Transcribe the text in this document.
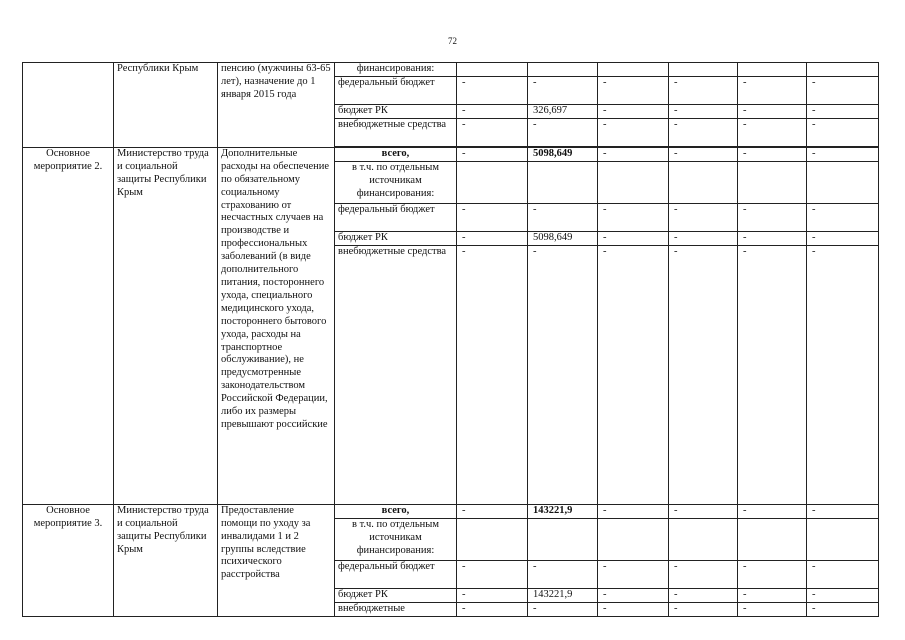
72
	Республики Крым	пенсию (мужчины 63-65 лет), назначение до 1 января 2015 года	финансирования:						
			федеральный бюджет	-	-	-	-	-	-
			бюджет РК	-	326,697	-	-	-	-
			внебюджетные средства	-	-	-	-	-	-

Основное мероприятие 2.	Министерство труда и социальной защиты Республики Крым	Дополнительные расходы на обеспечение по обязательному социальному страхованию от несчастных случаев на производстве и профессиональных заболеваний (в виде дополнительного питания, постороннего ухода, специального медицинского ухода, постороннего бытового ухода, расходы на транспортное обслуживание), не предусмотренные законодательством Российской Федерации, либо их размеры превышают российские	всего,	-	5098,649	-	-	-	-
			в т.ч. по отдельным источникам финансирования:						
			федеральный бюджет	-	-	-	-	-	-
			бюджет РК	-	5098,649	-	-	-	-
			внебюджетные средства	-	-	-	-	-	-
Основное мероприятие 3.	Министерство труда и социальной защиты Республики Крым	Предоставление помощи по уходу за инвалидами 1 и 2 группы вследствие психического расстройства	всего,	-	143221,9	-	-	-	-
			в т.ч. по отдельным источникам финансирования:						
			федеральный бюджет	-	-	-	-	-	-
			бюджет РК	-	143221,9	-	-	-	-
			внебюджетные	-	-	-	-	-	-
